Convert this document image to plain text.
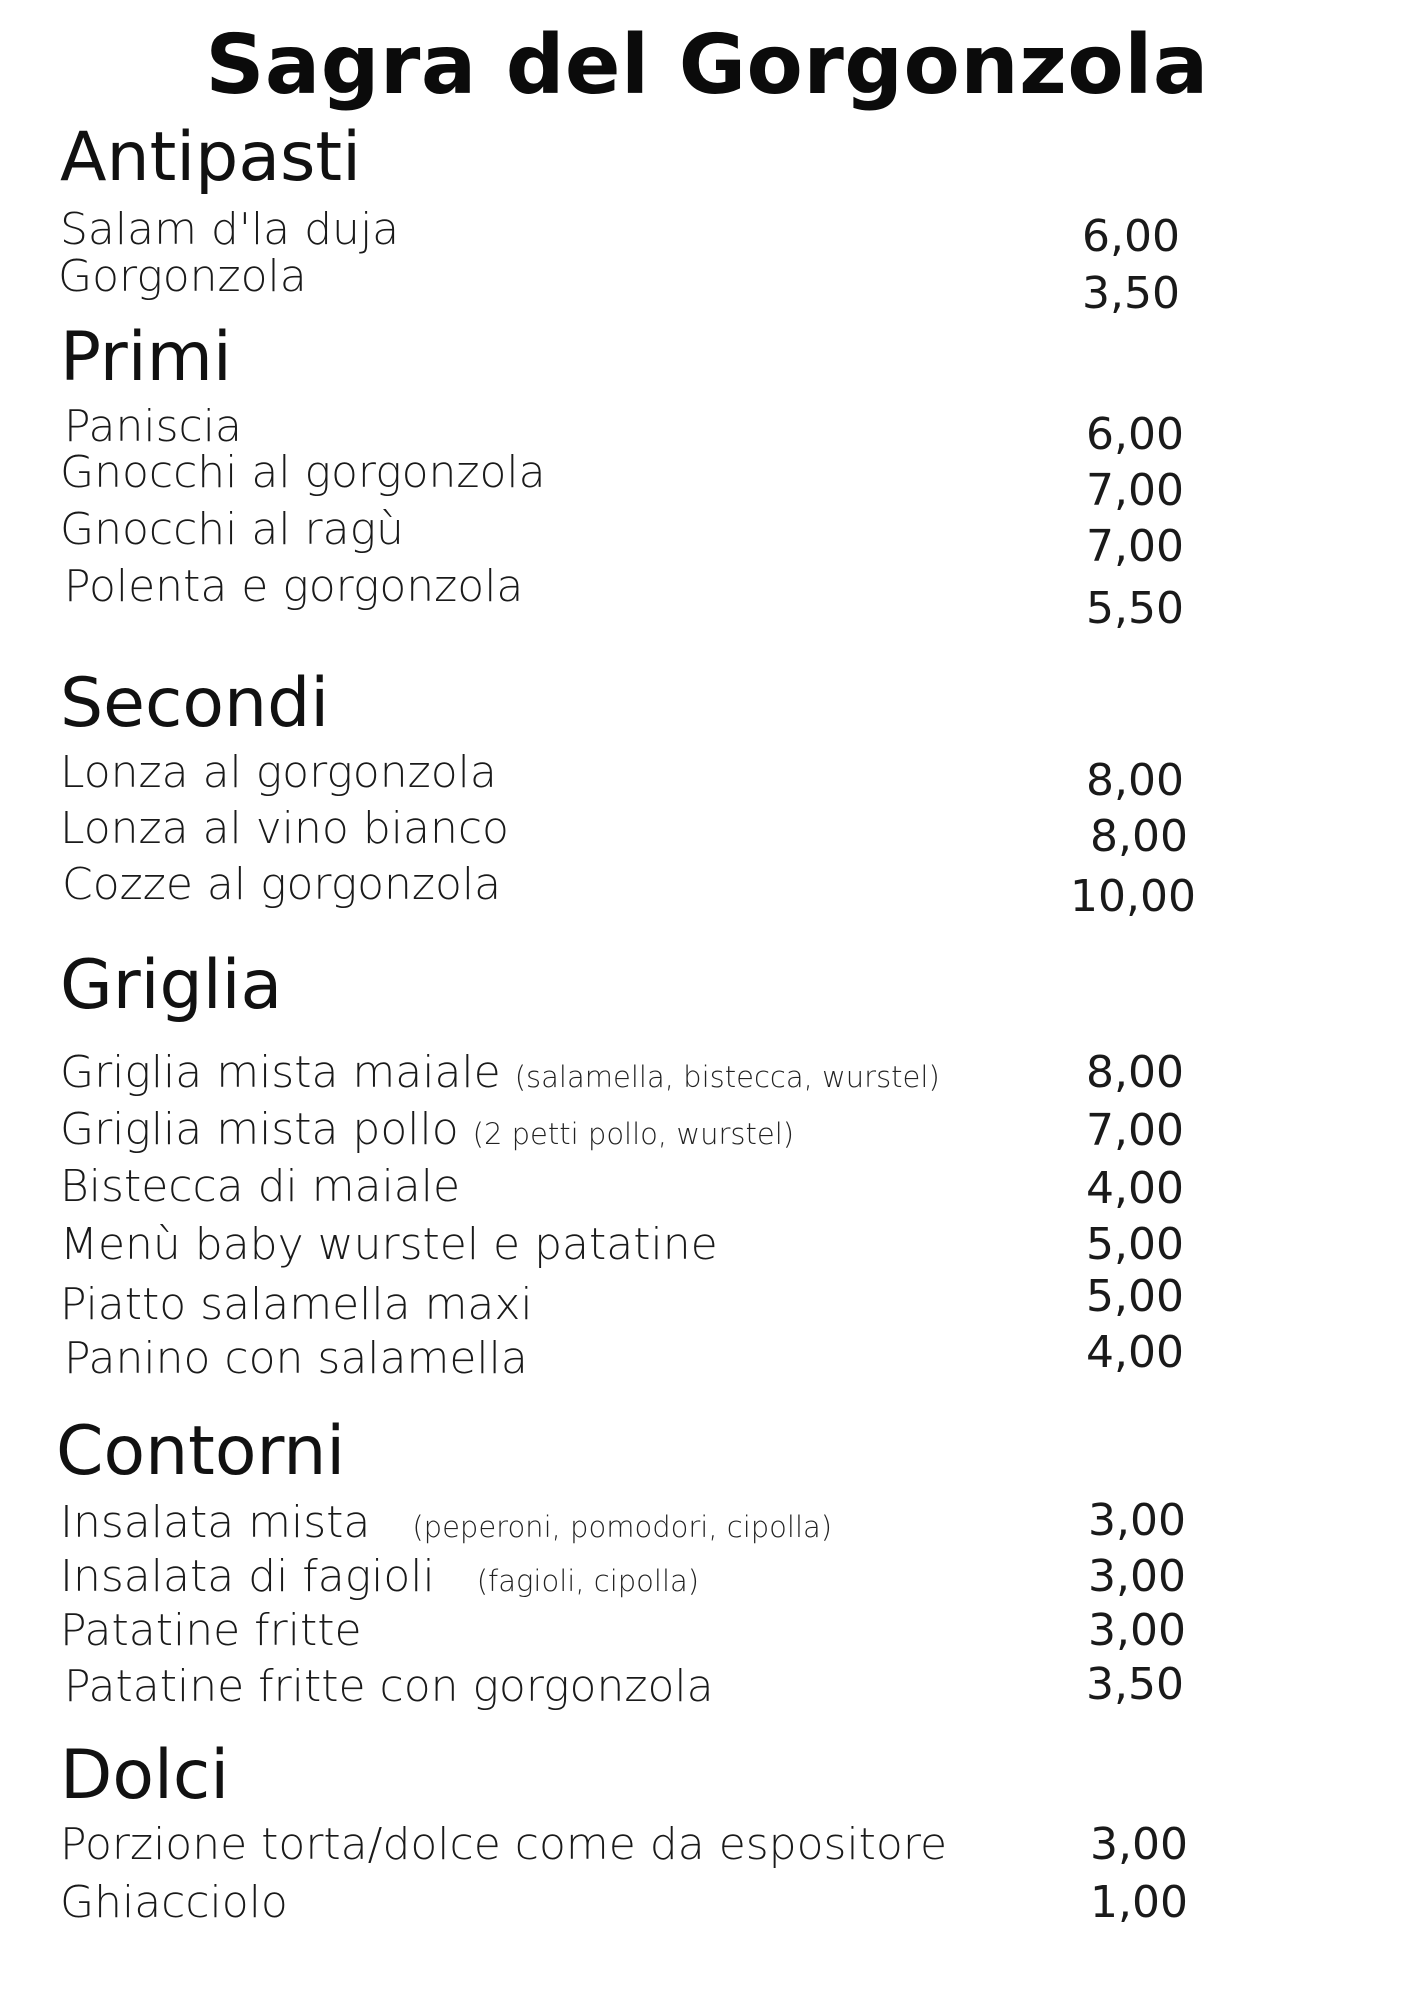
Sagra del Gorgonzola
Antipasti
Salam d'la duja	6,00
Gorgonzola	3,50
Primi
Paniscia	6,00
Gnocchi al gorgonzola	7,00
Gnocchi al ragù	7,00
Polenta e gorgonzola	5,50
Secondi
Lonza al gorgonzola	8,00
Lonza al vino bianco	8,00
Cozze al gorgonzola	10,00
Griglia
Griglia mista maiale (salamella, bistecca, wurstel)	8,00
Griglia mista pollo (2 petti pollo, wurstel)	7,00
Bistecca di maiale	4,00
Menù baby wurstel e patatine	5,00
Piatto salamella maxi	5,00
Panino con salamella	4,00
Contorni
Insalata mista (peperoni, pomodori, cipolla)	3,00
Insalata di fagioli (fagioli, cipolla)	3,00
Patatine fritte	3,00
Patatine fritte con gorgonzola	3,50
Dolci
Porzione torta/dolce come da espositore	3,00
Ghiacciolo	1,00
